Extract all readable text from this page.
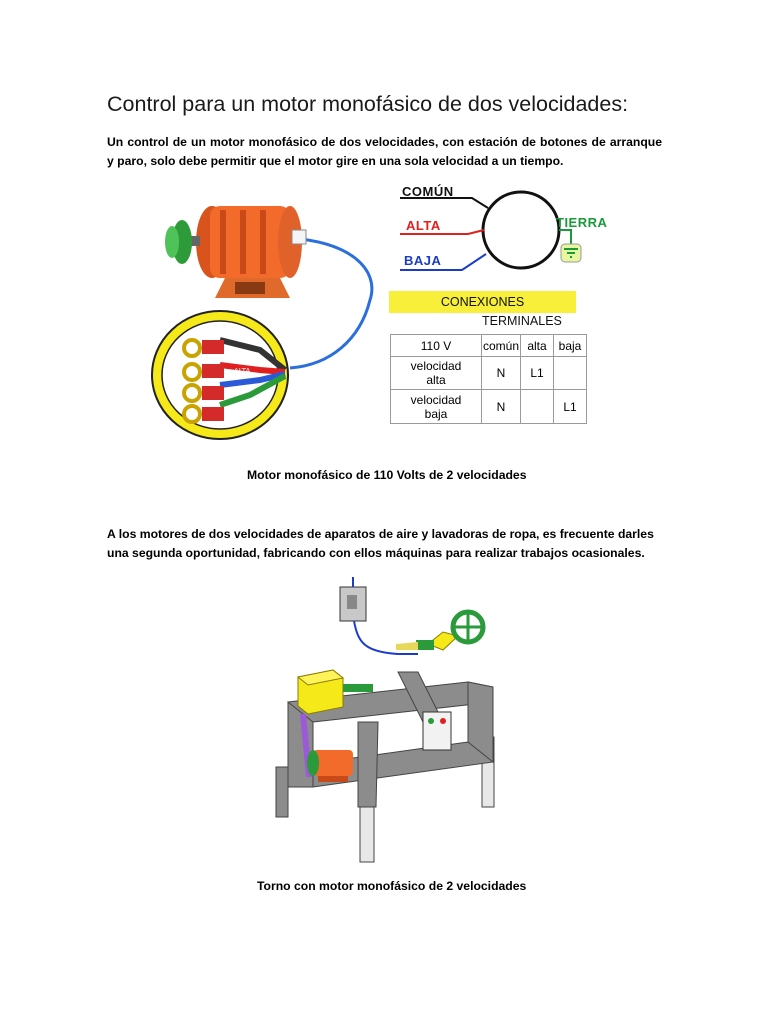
Control para un motor monofásico de dos velocidades:
Un control de un motor monofásico de dos velocidades, con estación de botones de arranque y paro, solo debe permitir que el motor gire en una sola velocidad a un tiempo.
COM
ALTA
COMÚN
ALTA
BAJA
TIERRA
CONEXIONES
TERMINALES
110 V	común	alta	baja
velocidad alta	N	L1	
velocidad baja	N		L1
Motor monofásico de 110 Volts de 2 velocidades
A los motores de dos velocidades de aparatos de aire y lavadoras de ropa, es frecuente darles una segunda oportunidad, fabricando con ellos máquinas para realizar trabajos ocasionales.
Torno con motor monofásico de 2 velocidades
